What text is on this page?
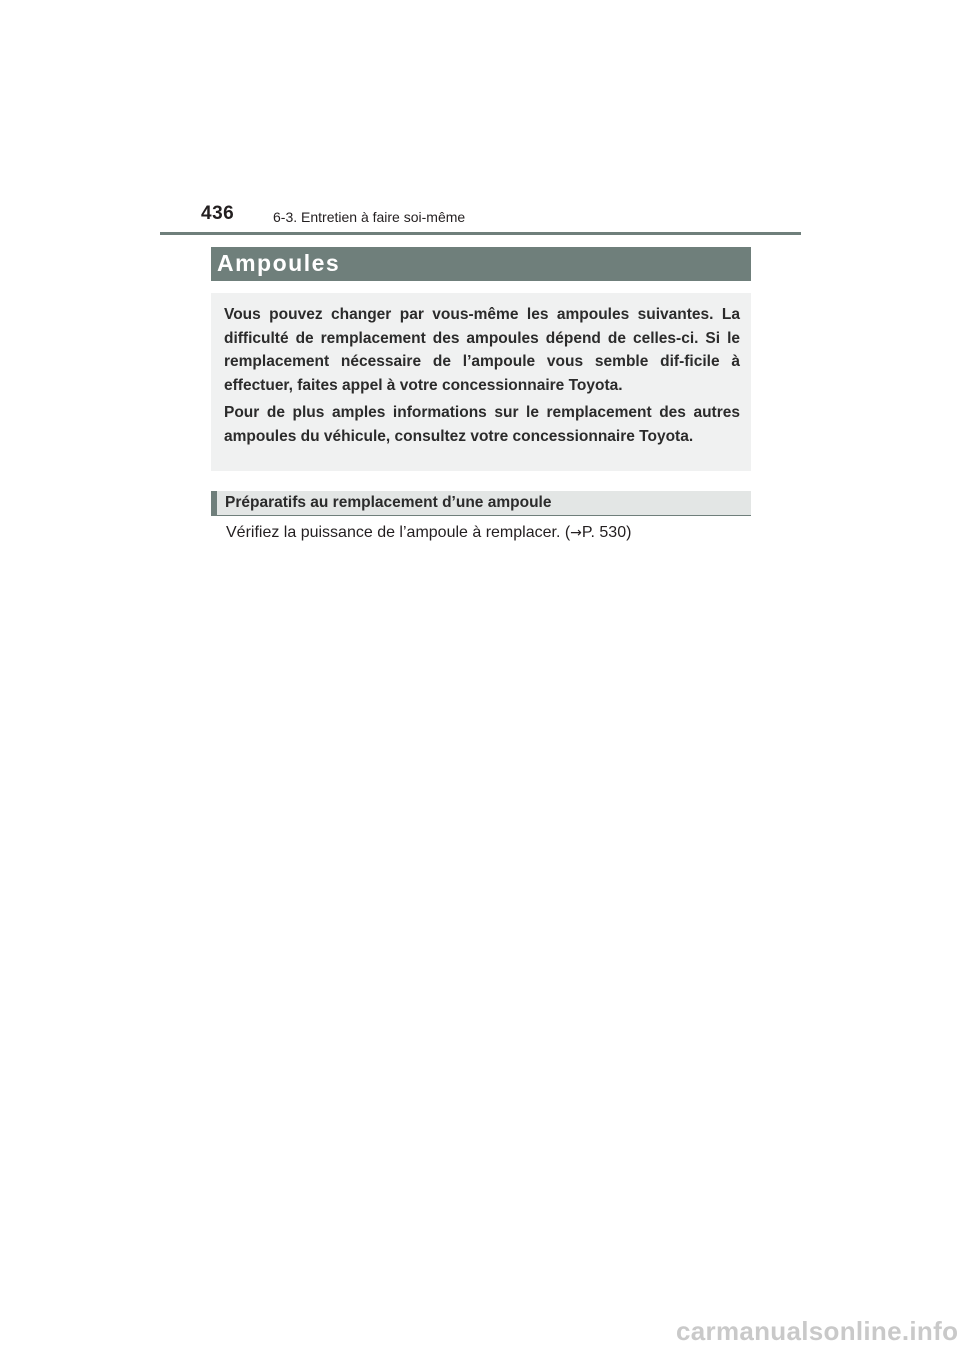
436	6-3. Entretien à faire soi-même
Ampoules

Vous pouvez changer par vous-même les ampoules suivantes. La difficulté de remplacement des ampoules dépend de celles-ci. Si le remplacement nécessaire de l’ampoule vous semble dif-ficile à effectuer, faites appel à votre concessionnaire Toyota.

Pour de plus amples informations sur le remplacement des autres ampoules du véhicule, consultez votre concessionnaire Toyota.

Préparatifs au remplacement d’une ampoule
Vérifiez la puissance de l’ampoule à remplacer. (→P. 530)
carmanualsonline.info
